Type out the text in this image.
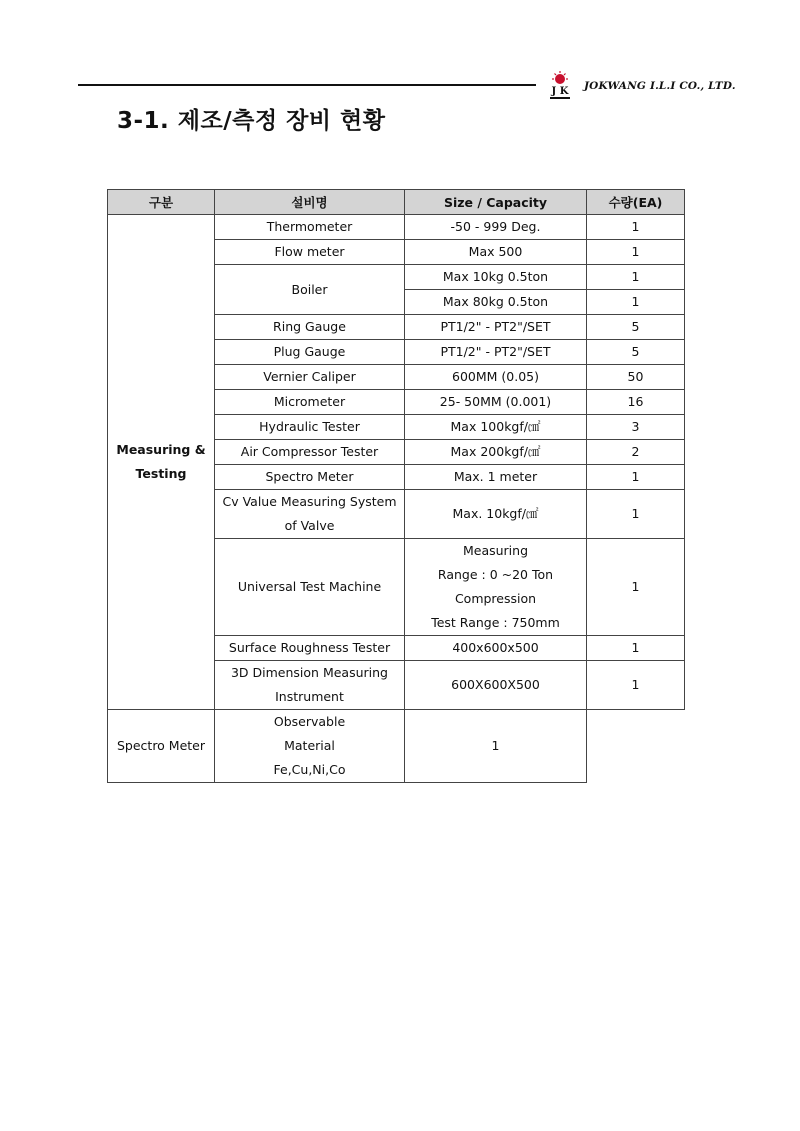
J K JOKWANG I.L.I CO., LTD.
3-1. 제조/측정 장비 현황
구분	설비명	Size / Capacity	수량(EA)

Measuring &
Testing	Thermometer	-50 - 999 Deg.	1
	Flow meter	Max 500	1
	Boiler	Max 10kg 0.5ton	1
		Max 80kg 0.5ton	1
	Ring Gauge	PT1/2" - PT2"/SET	5
	Plug Gauge	PT1/2" - PT2"/SET	5
	Vernier Caliper	600MM (0.05)	50
	Micrometer	25- 50MM (0.001)	16
	Hydraulic Tester	Max 100kgf/㎠	3
	Air Compressor Tester	Max 200kgf/㎠	2
	Spectro Meter	Max. 1 meter	1

	Cv Value Measuring System
of Valve	Max. 10kgf/㎠	1

	Universal Test Machine	Measuring
Range : 0 ~20 Ton
Compression
Test Range : 750mm	1

	Surface Roughness Tester	400x600x500	1

	3D Dimension Measuring
Instrument	600X600X500	1

Spectro Meter	Observable
Material
Fe,Cu,Ni,Co	1	
